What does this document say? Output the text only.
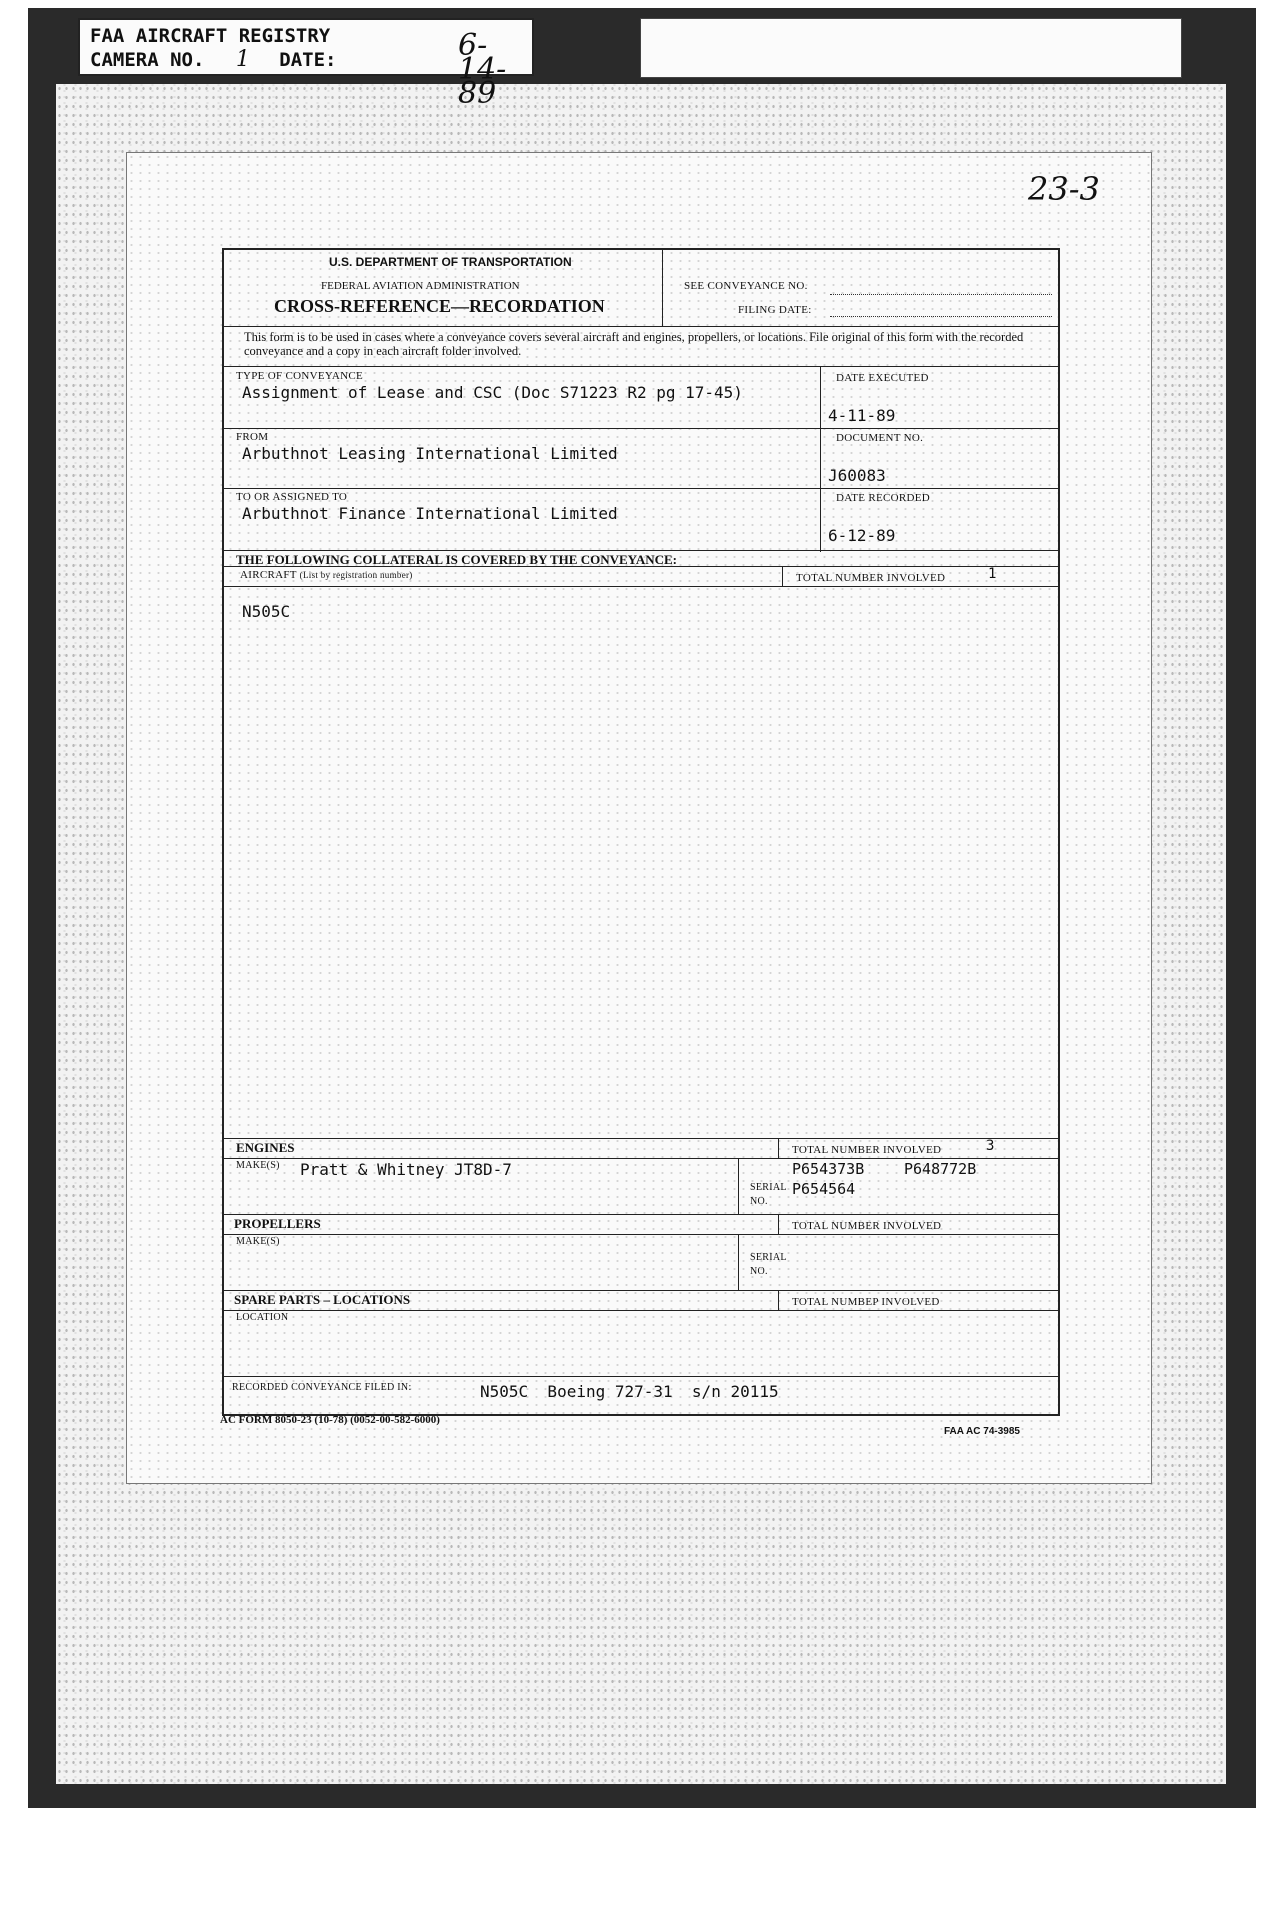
FAA AIRCRAFT REGISTRY
CAMERA NO. 1 DATE:	6-14-89
23-3
U.S. DEPARTMENT OF TRANSPORTATION
FEDERAL AVIATION ADMINISTRATION
CROSS-REFERENCE—RECORDATION
SEE CONVEYANCE NO.
FILING DATE:
This form is to be used in cases where a conveyance covers several aircraft and engines, propellers, or locations. File original of this form with the recorded conveyance and a copy in each aircraft folder involved.
TYPE OF CONVEYANCE
Assignment of Lease and CSC (Doc S71223 R2 pg 17-45)
DATE EXECUTED
4-11-89
FROM
Arbuthnot Leasing International Limited
DOCUMENT NO.
J60083
TO OR ASSIGNED TO
Arbuthnot Finance International Limited
DATE RECORDED
6-12-89
THE FOLLOWING COLLATERAL IS COVERED BY THE CONVEYANCE:
AIRCRAFT (List by registration number)	TOTAL NUMBER INVOLVED	1
N505C
ENGINES	TOTAL NUMBER INVOLVED	3
MAKE(S) Pratt & Whitney JT8D-7
SERIAL
NO.
P654373B	P648772B
P654564
PROPELLERS	TOTAL NUMBER INVOLVED
MAKE(S)
SERIAL
NO.
SPARE PARTS – LOCATIONS	TOTAL NUMBEP INVOLVED
LOCATION
RECORDED CONVEYANCE FILED IN:	N505C  Boeing 727-31  s/n 20115
AC FORM 8050-23 (10-78) (0052-00-582-6000)
FAA AC 74-3985
